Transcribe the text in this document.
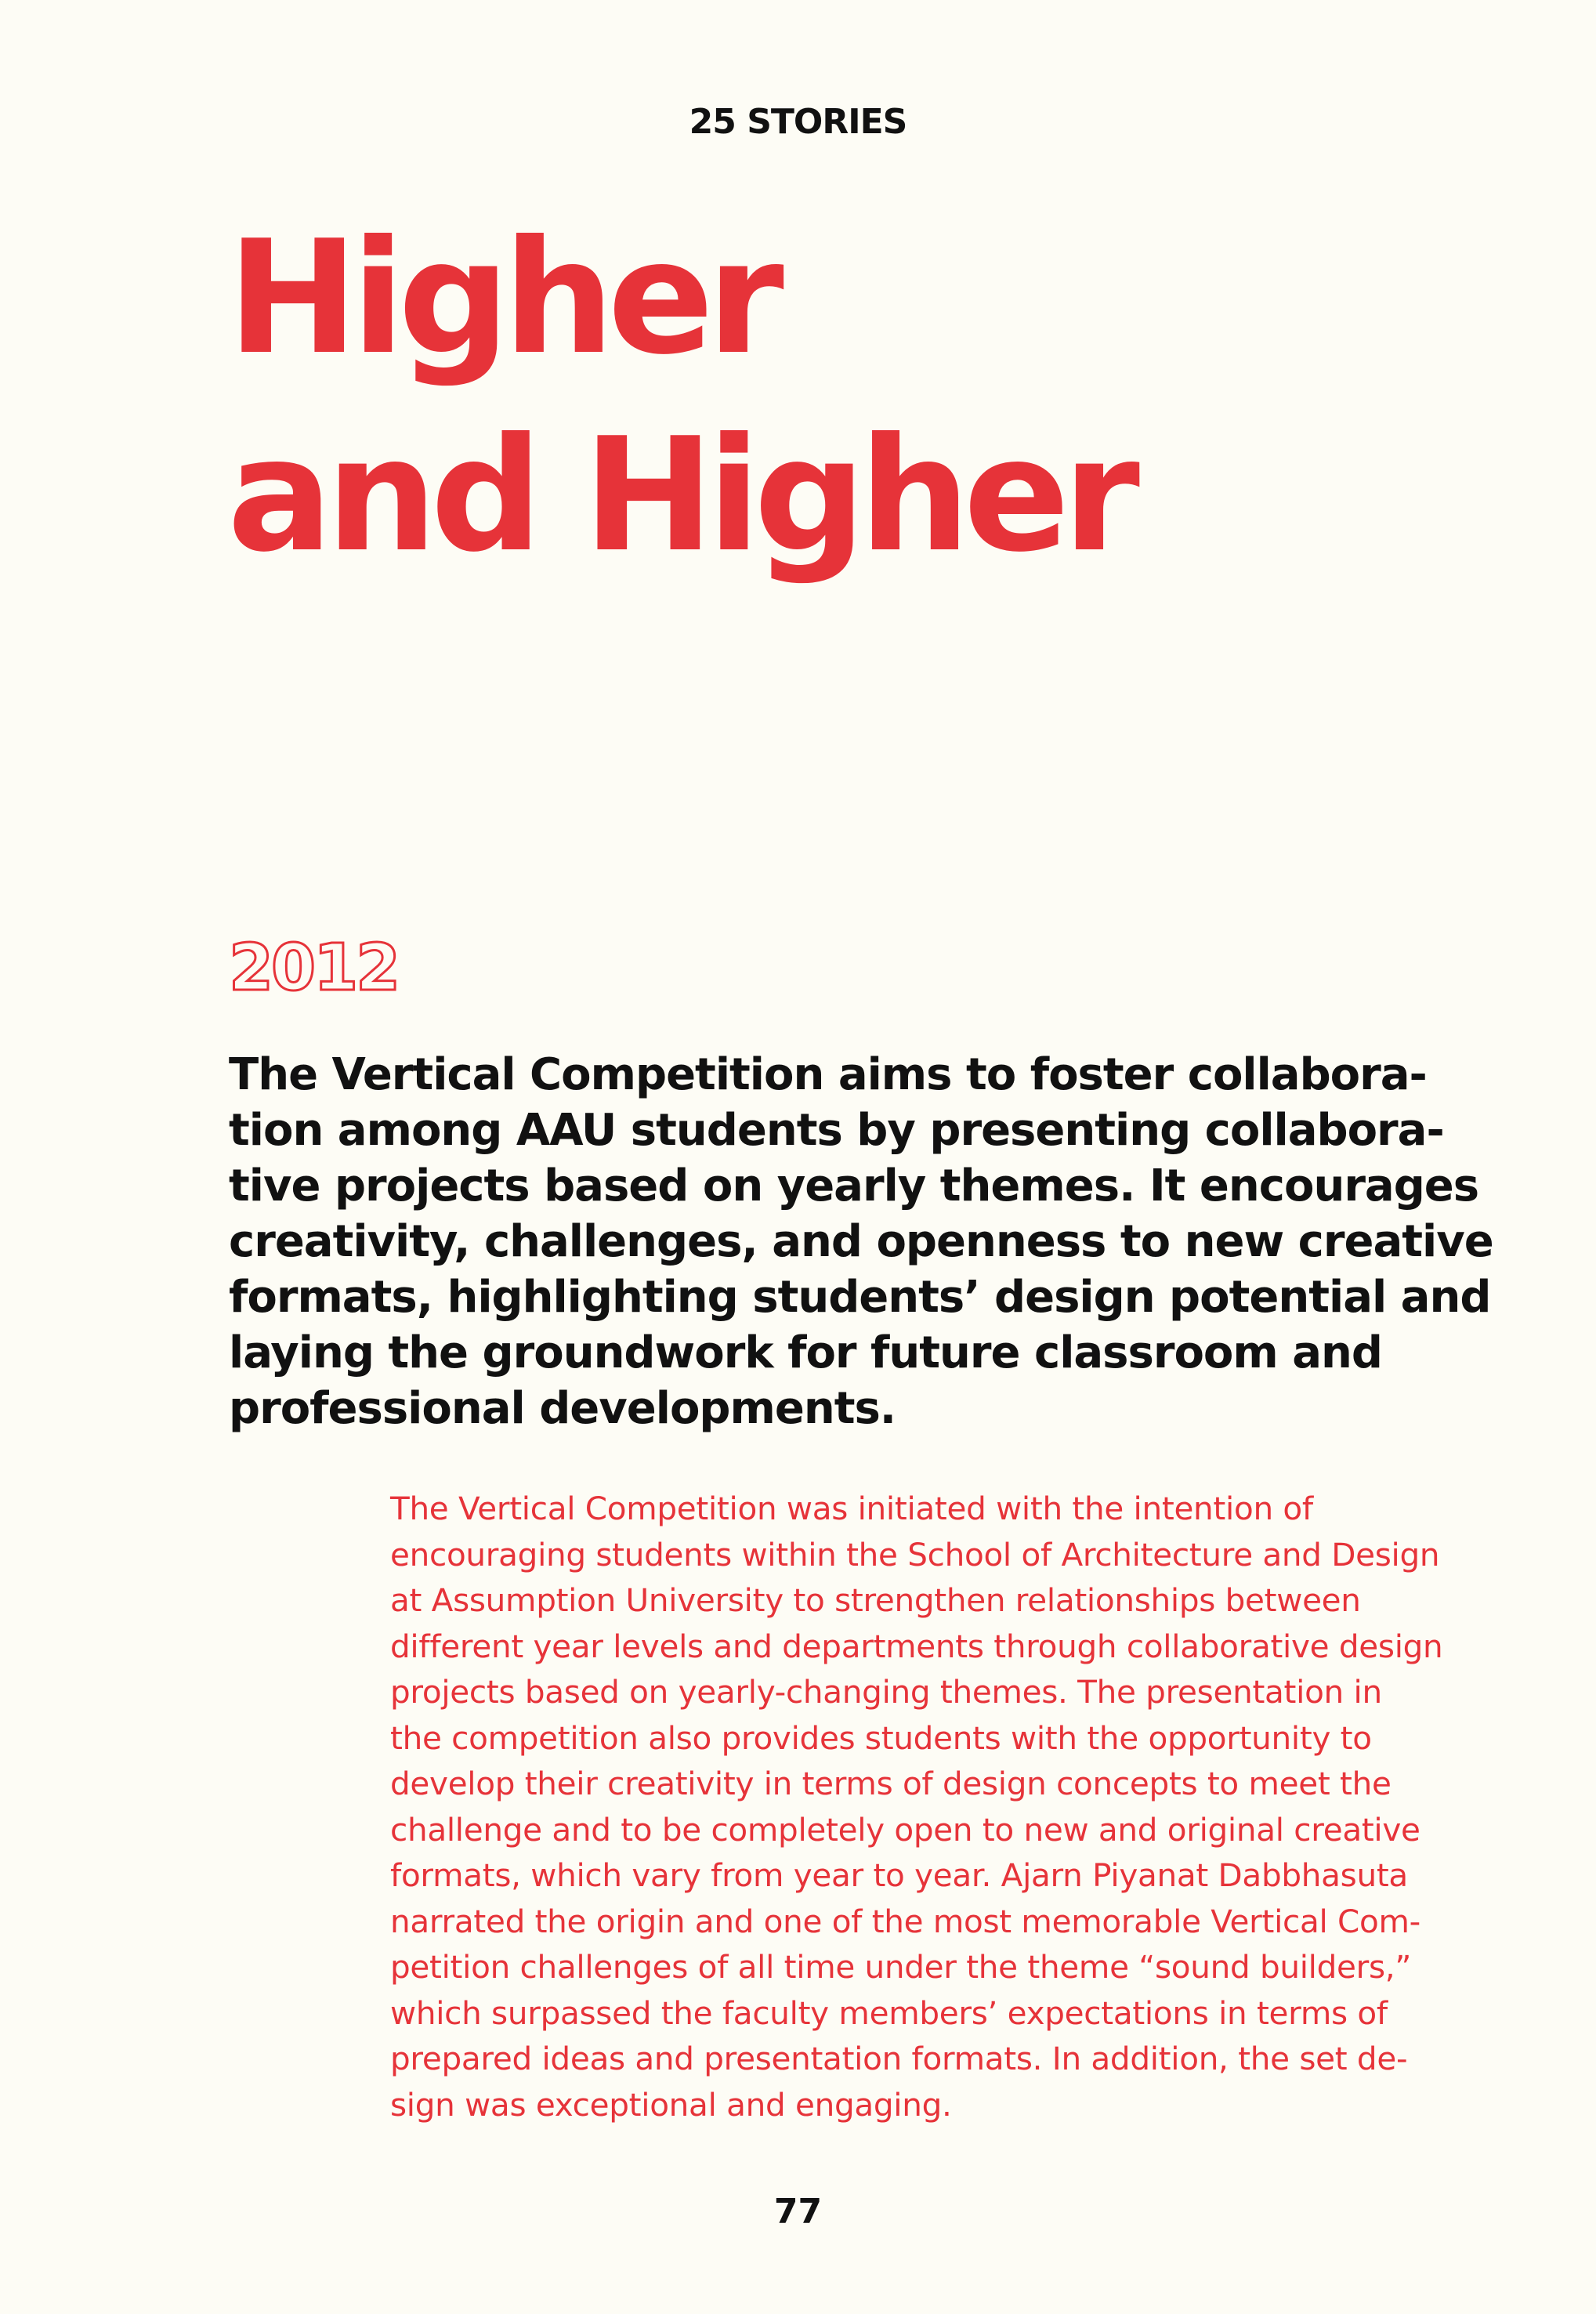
25 STORIES
Higher
and Higher
2012

The Vertical Competition aims to foster collabora-
tion among AAU students by presenting collabora-
tive projects based on yearly themes. It encourages
creativity, challenges, and openness to new creative
formats, highlighting students’ design potential and
laying the groundwork for future classroom and
professional developments.

The Vertical Competition was initiated with the intention of
encouraging students within the School of Architecture and Design
at Assumption University to strengthen relationships between
different year levels and departments through collaborative design
projects based on yearly-changing themes. The presentation in
the competition also provides students with the opportunity to
develop their creativity in terms of design concepts to meet the
challenge and to be completely open to new and original creative
formats, which vary from year to year. Ajarn Piyanat Dabbhasuta
narrated the origin and one of the most memorable Vertical Com-
petition challenges of all time under the theme “sound builders,”
which surpassed the faculty members’ expectations in terms of
prepared ideas and presentation formats. In addition, the set de-
sign was exceptional and engaging.

77
